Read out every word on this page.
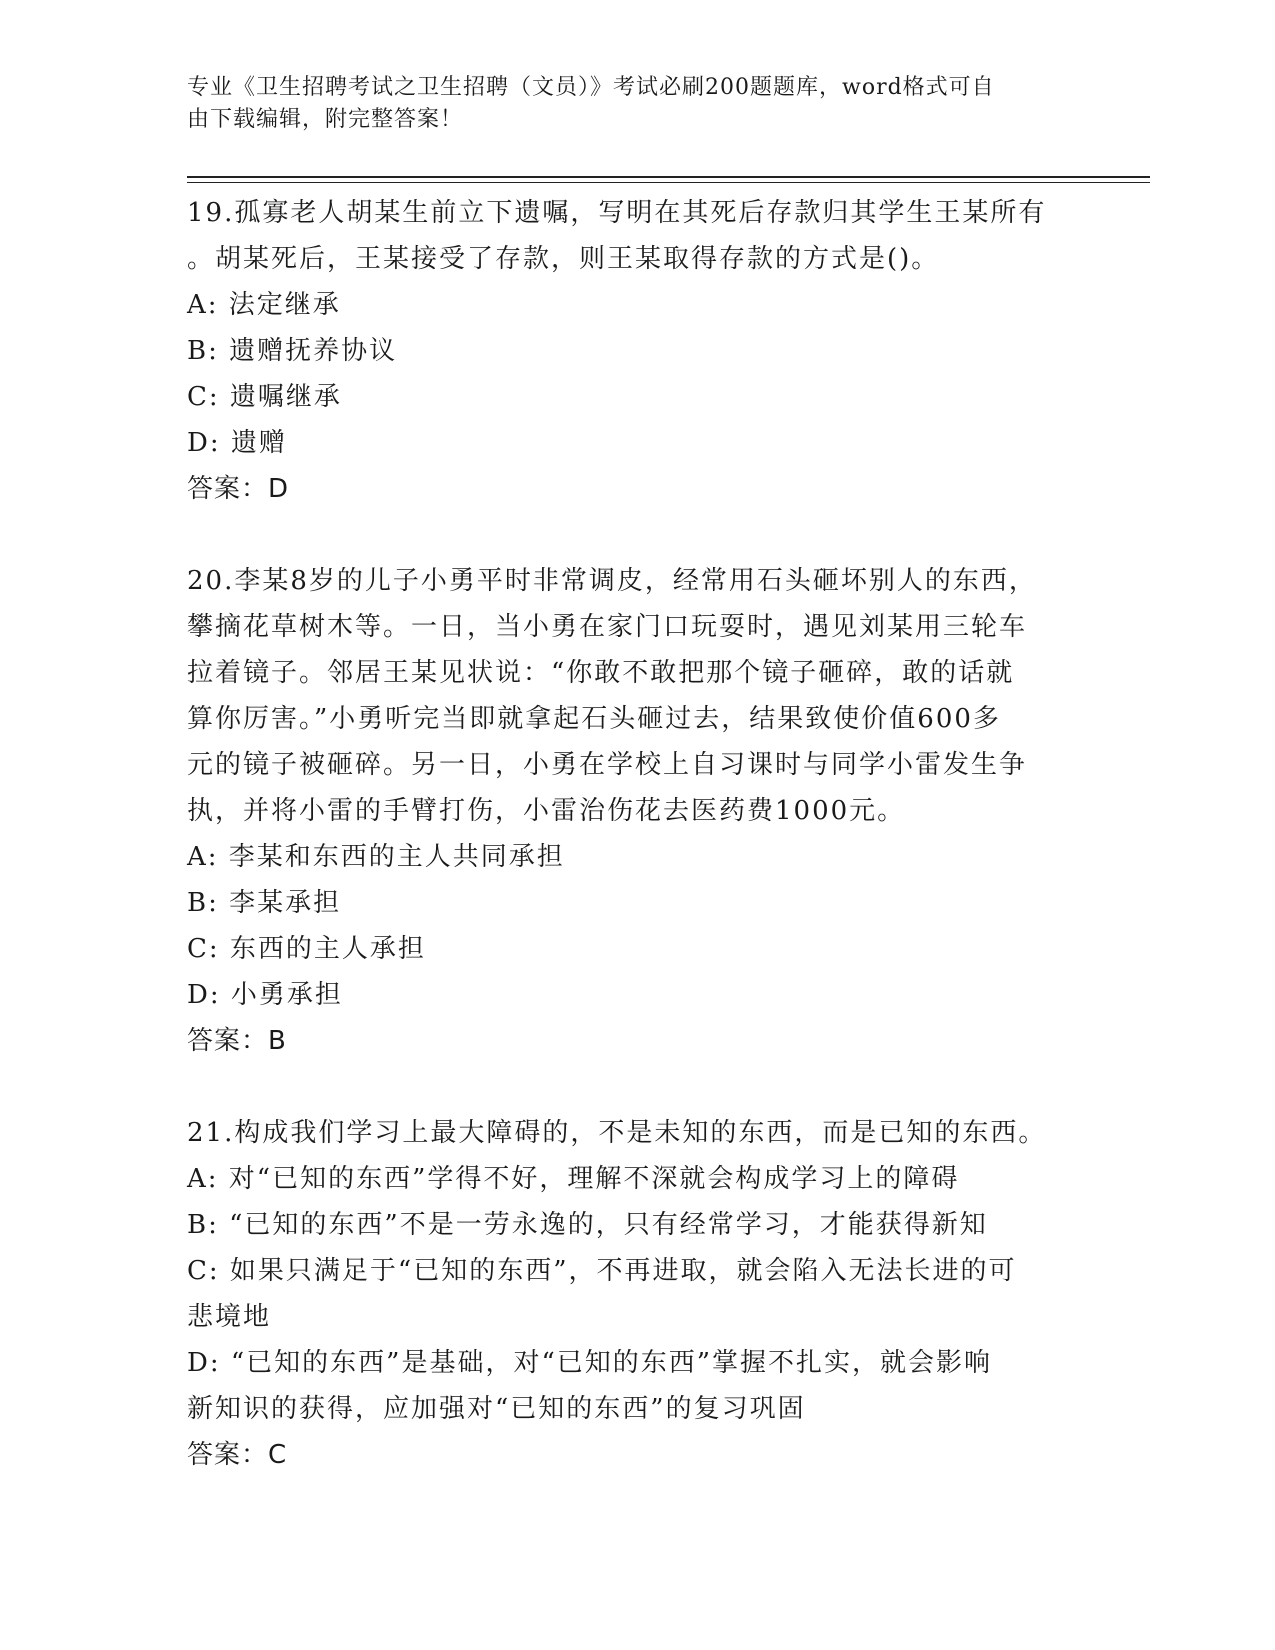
专业《卫生招聘考试之卫生招聘（文员）》考试必刷200题题库，word格式可自
由下载编辑，附完整答案！
19.孤寡老人胡某生前立下遗嘱，写明在其死后存款归其学生王某所有
。胡某死后，王某接受了存款，则王某取得存款的方式是()。
A: 法定继承
B: 遗赠抚养协议
C: 遗嘱继承
D: 遗赠
答案：D
20.李某8岁的儿子小勇平时非常调皮，经常用石头砸坏别人的东西，
攀摘花草树木等。一日，当小勇在家门口玩耍时，遇见刘某用三轮车
拉着镜子。邻居王某见状说：“你敢不敢把那个镜子砸碎，敢的话就
算你厉害。”小勇听完当即就拿起石头砸过去，结果致使价值600多
元的镜子被砸碎。另一日，小勇在学校上自习课时与同学小雷发生争
执，并将小雷的手臂打伤，小雷治伤花去医药费1000元。
A: 李某和东西的主人共同承担
B: 李某承担
C: 东西的主人承担
D: 小勇承担
答案：B
21.构成我们学习上最大障碍的，不是未知的东西，而是已知的东西。
A: 对“已知的东西”学得不好，理解不深就会构成学习上的障碍
B: “已知的东西”不是一劳永逸的，只有经常学习，才能获得新知
C: 如果只满足于“已知的东西”，不再进取，就会陷入无法长进的可
悲境地
D: “已知的东西”是基础，对“已知的东西”掌握不扎实，就会影响
新知识的获得，应加强对“已知的东西”的复习巩固
答案：C
